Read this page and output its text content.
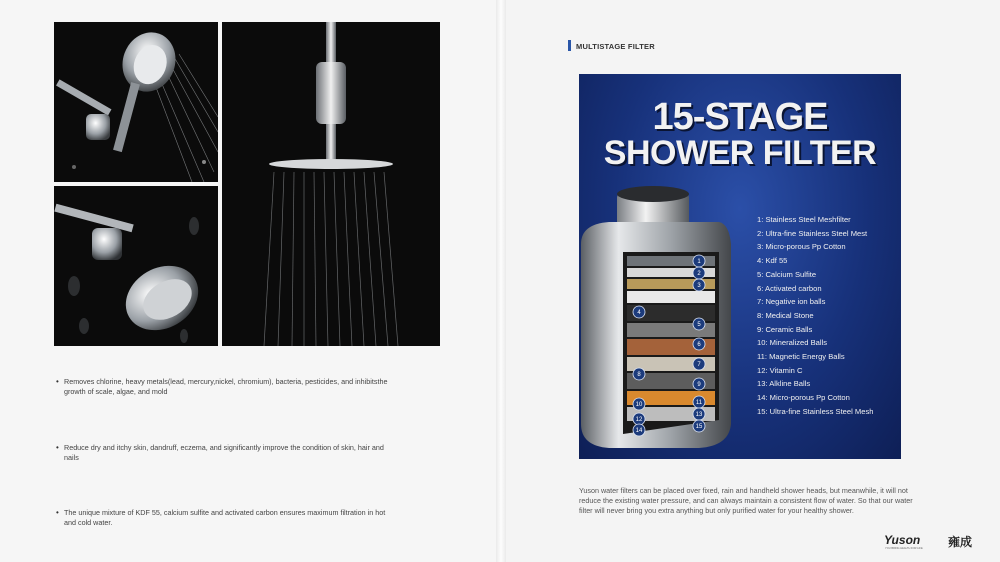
• Removes chlorine, heavy metals(lead, mercury,nickel, chromium), bacteria, pesticides, and inhibitsthe growth of scale, algae, and mold
• Reduce dry and itchy skin, dandruff, eczema, and significantly improve the condition of skin, hair and nails
• The unique mixture of KDF 55, calcium sulfite and activated carbon ensures maximum filtration in hot and cold water.
MULTISTAGE FILTER
15-STAGE
SHOWER FILTER
1
2
3
4
5
6
7
8
9
10	11
12
13
14
15
1: Stainless Steel Meshfilter
2: Ultra-fine Stainless Steel Mest
3: Micro-porous Pp Cotton
4: Kdf 55
5: Calcium Sulfite
6: Activated carbon
7: Negative ion balls
8: Medical Stone
9: Ceramic Balls
10: Mineralized Balls
11: Magnetic Energy Balls
12: Vitamin C
13: Alkline Balls
14: Micro-porous Pp Cotton
15: Ultra-fine Stainless Steel Mesh
Yuson water filters can be placed over fixed, rain and handheld shower heads, but meanwhile, it will not reduce the existing water pressure, and can always maintain a consistent flow of water. So that our water filter will never bring you extra anything but only purified water for your healthy shower.
Yuson
YOU BRING HEALTH FOR LIFE 雍成
